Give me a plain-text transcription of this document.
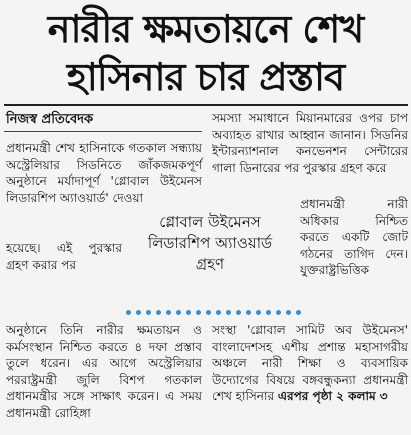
নারীর ক্ষমতায়নে শেখ
হাসিনার চার প্রস্তাব
নিজস্ব প্রতিবেদক

প্রধানমন্ত্রী শেখ হাসিনাকে গতকাল সন্ধ্যায় অস্ট্রেলিয়ার সিডনিতে জাঁকজমকপূর্ণ অনুষ্ঠানে মর্যাদাপূর্ণ 'গ্লোবাল উইমেনস লিডারশিপ অ্যাওয়ার্ড' দেওয়া

হয়েছে। এই পুরস্কার গ্রহণ করার পর

সমস্যা সমাধানে মিয়ানমারের ওপর চাপ অব্যাহত রাখার আহ্বান জানান। সিডনির ইন্টারন্যাশনাল কনভেনশন সেন্টারের গালা ডিনারের পর পুরস্কার গ্রহণ করে

প্রধানমন্ত্রী নারী অধিকার নিশ্চিত করতে একটি জোট গঠনের তাগিদ দেন। যুক্তরাষ্ট্রভিত্তিক

গ্লোবাল উইমেনস
লিডারশিপ অ্যাওয়ার্ড
গ্রহণ

অনুষ্ঠানে তিনি নারীর ক্ষমতায়ন ও কর্মসংস্থান নিশ্চিত করতে ৪ দফা প্রস্তাব তুলে ধরেন। এর আগে অস্ট্রেলিয়ার পররাষ্ট্রমন্ত্রী জুলি বিশপ গতকাল প্রধানমন্ত্রীর সঙ্গে সাক্ষাৎ করেন। এ সময় প্রধানমন্ত্রী রোহিঙ্গা

সংস্থা 'গ্লোবাল সামিট অব উইমেনস' বাংলাদেশসহ এশীয় প্রশান্ত মহাসাগরীয় অঞ্চলে নারী শিক্ষা ও ব্যবসায়িক উদ্যোগের বিষয়ে বঙ্গবন্ধুকন্যা প্রধানমন্ত্রী শেখ হাসিনার এরপর পৃষ্ঠা ২ কলাম ৩
